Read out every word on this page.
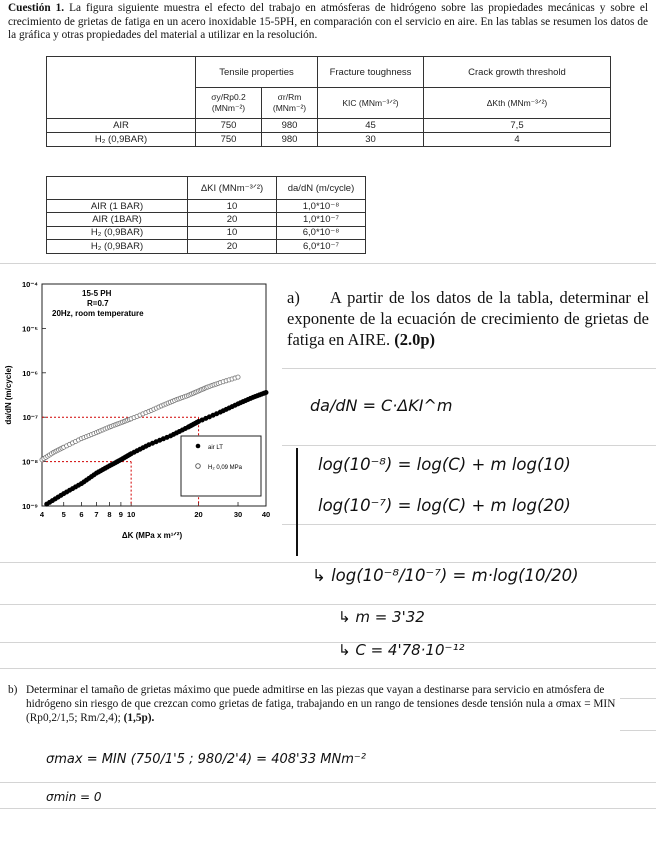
Cuestión 1. La figura siguiente muestra el efecto del trabajo en atmósferas de hidrógeno sobre las propiedades mecánicas y sobre el crecimiento de grietas de fatiga en un acero inoxidable 15-5PH, en comparación con el servicio en aire. En las tablas se resumen los datos de la gráfica y otras propiedades del material a utilizar en la resolución.
	Tensile properties		Fracture toughness	Crack growth threshold
	σy/Rp0.2 (MNm⁻²)	σr/Rm (MNm⁻²)	KIC (MNm⁻³ᐟ²)	ΔKth (MNm⁻³ᐟ²)
AIR	750	980	45	7,5
H₂ (0,9BAR)	750	980	30	4
	ΔKI (MNm⁻³ᐟ²)	da/dN (m/cycle)
AIR (1 BAR)	10	1,0*10⁻⁸
AIR (1BAR)	20	1,0*10⁻⁷
H₂ (0,9BAR)	10	6,0*10⁻⁸
H₂ (0,9BAR)	20	6,0*10⁻⁷
4 5 6 7 8 9 10	20	30	40
10⁻⁹
10⁻⁸
10⁻⁷
10⁻⁶
10⁻⁵
10⁻⁴
15-5 PH
R=0.7
20Hz, room temperature
air LT
H₂ 0,09 MPa
ΔK (MPa x m¹ᐟ²)
da/dN (m/cycle)
a) A partir de los datos de la tabla, determinar el exponente de la ecuación de crecimiento de grietas de fatiga en AIRE. (2.0p)
da/dN = C·ΔKI^m
log(10⁻⁸) = log(C) + m log(10)
log(10⁻⁷) = log(C) + m log(20)
↳ log(10⁻⁸/10⁻⁷) = m·log(10/20)
↳ m = 3'32
↳ C = 4'78·10⁻¹²
b) Determinar el tamaño de grietas máximo que puede admitirse en las piezas que vayan a destinarse para servicio en atmósfera de hidrógeno sin riesgo de que crezcan como grietas de fatiga, trabajando en un rango de tensiones desde tensión nula a σmax = MIN (Rp0,2/1,5; Rm/2,4); (1,5p).
σmax = MIN (750/1'5 ; 980/2'4) = 408'33 MNm⁻²
σmin = 0
